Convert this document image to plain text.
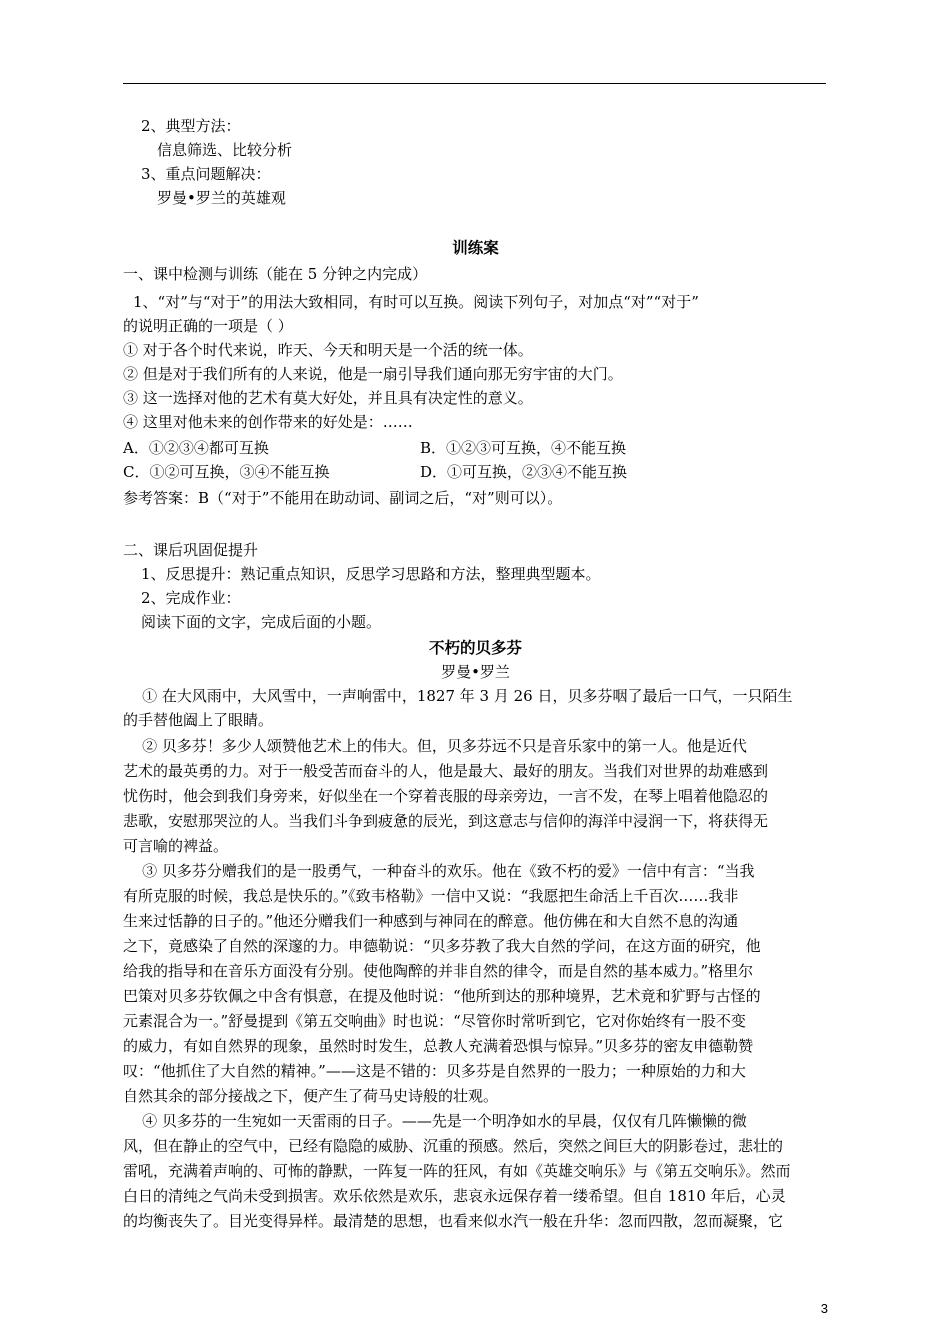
2、典型方法：
信息筛选、比较分析
3、重点问题解决：
罗曼•罗兰的英雄观
训练案
一、课中检测与训练（能在 5 分钟之内完成）
1、“对”与“对于”的用法大致相同，有时可以互换。阅读下列句子，对加点“对”“对于”
的说明正确的一项是（ ）
① 对于各个时代来说，昨天、今天和明天是一个活的统一体。
② 但是对于我们所有的人来说，他是一扇引导我们通向那无穷宇宙的大门。
③ 这一选择对他的艺术有莫大好处，并且具有决定性的意义。
④ 这里对他未来的创作带来的好处是：……
A．①②③④都可互换	B．①②③可互换，④不能互换
C．①②可互换，③④不能互换	D．①可互换，②③④不能互换
参考答案：B（“对于”不能用在助动词、副词之后，“对”则可以）。
二、课后巩固促提升
1、反思提升：熟记重点知识，反思学习思路和方法，整理典型题本。
2、完成作业：
阅读下面的文字，完成后面的小题。
不朽的贝多芬
罗曼•罗兰
① 在大风雨中，大风雪中，一声响雷中，1827 年 3 月 26 日，贝多芬咽了最后一口气，一只陌生
的手替他阖上了眼睛。
② 贝多芬！多少人颂赞他艺术上的伟大。但，贝多芬远不只是音乐家中的第一人。他是近代
艺术的最英勇的力。对于一般受苦而奋斗的人，他是最大、最好的朋友。当我们对世界的劫难感到
忧伤时，他会到我们身旁来，好似坐在一个穿着丧服的母亲旁边，一言不发，在琴上唱着他隐忍的
悲歌，安慰那哭泣的人。当我们斗争到疲惫的辰光，到这意志与信仰的海洋中浸润一下，将获得无
可言喻的裨益。
③ 贝多芬分赠我们的是一股勇气，一种奋斗的欢乐。他在《致不朽的爱》一信中有言：“当我
有所克服的时候，我总是快乐的。”《致韦格勒》一信中又说：“我愿把生命活上千百次……我非
生来过恬静的日子的。”他还分赠我们一种感到与神同在的醉意。他仿佛在和大自然不息的沟通
之下，竟感染了自然的深邃的力。申德勒说：“贝多芬教了我大自然的学问，在这方面的研究，他
给我的指导和在音乐方面没有分别。使他陶醉的并非自然的律令，而是自然的基本威力。”格里尔
巴策对贝多芬钦佩之中含有惧意，在提及他时说：“他所到达的那种境界，艺术竟和犷野与古怪的
元素混合为一。”舒曼提到《第五交响曲》时也说：“尽管你时常听到它，它对你始终有一股不变
的威力，有如自然界的现象，虽然时时发生，总教人充满着恐惧与惊异。”贝多芬的密友申德勒赞
叹：“他抓住了大自然的精神。”——这是不错的：贝多芬是自然界的一股力；一种原始的力和大
自然其余的部分接战之下，便产生了荷马史诗般的壮观。
④ 贝多芬的一生宛如一天雷雨的日子。——先是一个明净如水的早晨，仅仅有几阵懒懒的微
风，但在静止的空气中，已经有隐隐的威胁、沉重的预感。然后，突然之间巨大的阴影卷过，悲壮的
雷吼，充满着声响的、可怖的静默，一阵复一阵的狂风，有如《英雄交响乐》与《第五交响乐》。然而
白日的清纯之气尚未受到损害。欢乐依然是欢乐，悲哀永远保存着一缕希望。但自 1810 年后，心灵
的均衡丧失了。目光变得异样。最清楚的思想，也看来似水汽一般在升华：忽而四散，忽而凝聚，它
3
